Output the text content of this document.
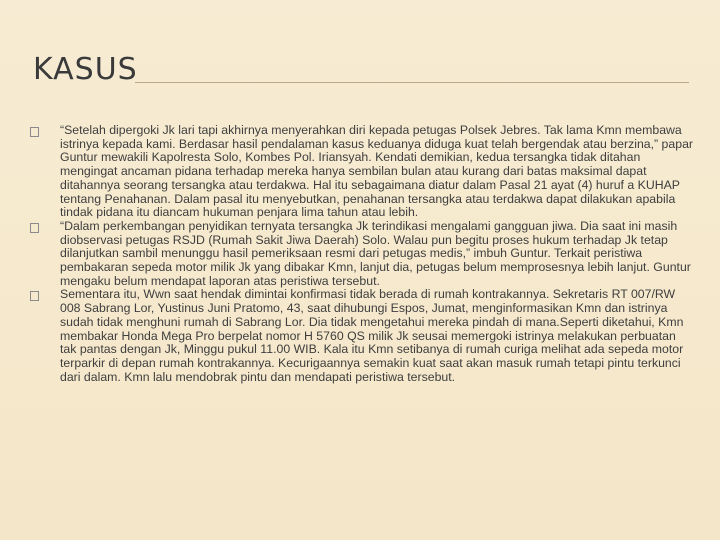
KASUS
“Setelah dipergoki Jk lari tapi akhirnya menyerahkan diri kepada petugas Polsek Jebres. Tak lama Kmn membawa istrinya kepada kami. Berdasar hasil pendalaman kasus keduanya diduga kuat telah bergendak atau berzina,” papar Guntur mewakili Kapolresta Solo, Kombes Pol. Iriansyah. Kendati demikian, kedua tersangka tidak ditahan mengingat ancaman pidana terhadap mereka hanya sembilan bulan atau kurang dari batas maksimal dapat ditahannya seorang tersangka atau terdakwa. Hal itu sebagaimana diatur dalam Pasal 21 ayat (4) huruf a KUHAP tentang Penahanan. Dalam pasal itu menyebutkan, penahanan tersangka atau terdakwa dapat dilakukan apabila tindak pidana itu diancam hukuman penjara lima tahun atau lebih.
“Dalam perkembangan penyidikan ternyata tersangka Jk terindikasi mengalami gangguan jiwa. Dia saat ini masih diobservasi petugas RSJD (Rumah Sakit Jiwa Daerah) Solo. Walau pun begitu proses hukum terhadap Jk tetap dilanjutkan sambil menunggu hasil pemeriksaan resmi dari petugas medis,” imbuh Guntur. Terkait peristiwa pembakaran sepeda motor milik Jk yang dibakar Kmn, lanjut dia, petugas belum memprosesnya lebih lanjut. Guntur mengaku belum mendapat laporan atas peristiwa tersebut.
Sementara itu, Wwn saat hendak dimintai konfirmasi tidak berada di rumah kontrakannya. Sekretaris RT 007/RW 008 Sabrang Lor, Yustinus Juni Pratomo, 43, saat dihubungi Espos, Jumat, menginformasikan Kmn dan istrinya sudah tidak menghuni rumah di Sabrang Lor. Dia tidak mengetahui mereka pindah di mana.Seperti diketahui, Kmn membakar Honda Mega Pro berpelat nomor H 5760 QS milik Jk seusai memergoki istrinya melakukan perbuatan tak pantas dengan Jk, Minggu pukul 11.00 WIB. Kala itu Kmn setibanya di rumah curiga melihat ada sepeda motor terparkir di depan rumah kontrakannya. Kecurigaannya semakin kuat saat akan masuk rumah tetapi pintu terkunci dari dalam. Kmn lalu mendobrak pintu dan mendapati peristiwa tersebut.
